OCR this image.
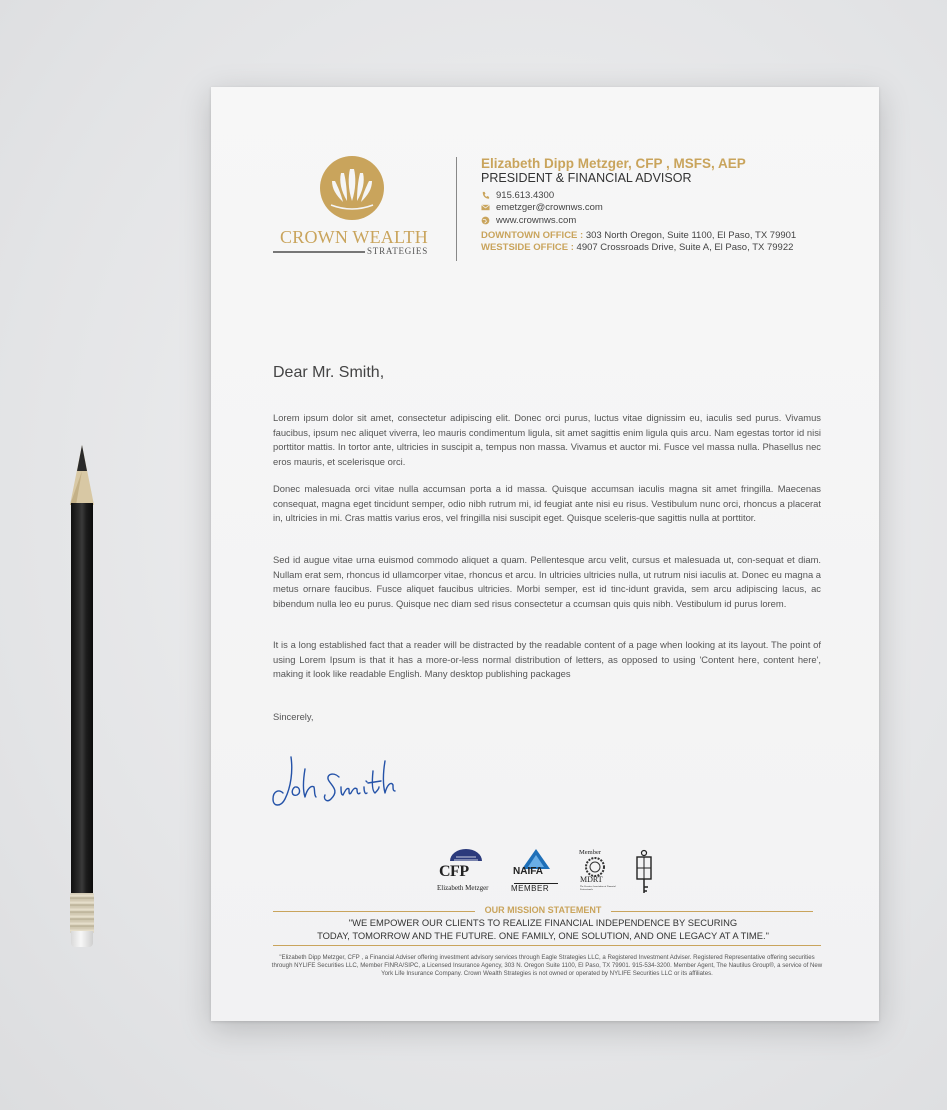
CROWN WEALTH
STRATEGIES
Elizabeth Dipp Metzger, CFP , MSFS, AEP
PRESIDENT & FINANCIAL ADVISOR
915.613.4300
emetzger@crownws.com
www.crownws.com
DOWNTOWN OFFICE : 303 North Oregon, Suite 1100, El Paso, TX 79901
WESTSIDE OFFICE : 4907 Crossroads Drive, Suite A, El Paso, TX 79922
Dear Mr. Smith,
Lorem ipsum dolor sit amet, consectetur adipiscing elit. Donec orci purus, luctus vitae dignissim eu, iaculis sed purus. Vivamus faucibus, ipsum nec aliquet viverra, leo mauris condimentum ligula, sit amet sagittis enim ligula quis arcu. Nam egestas tortor id nisi porttitor mattis. In tortor ante, ultricies in suscipit a, tempus non massa. Vivamus et auctor mi. Fusce vel massa nulla. Phasellus nec eros mauris, et scelerisque orci.
Donec malesuada orci vitae nulla accumsan porta a id massa. Quisque accumsan iaculis magna sit amet fringilla. Maecenas consequat, magna eget tincidunt semper, odio nibh rutrum mi, id feugiat ante nisi eu risus. Vestibulum nunc orci, rhoncus a placerat in, ultricies in mi. Cras mattis varius eros, vel fringilla nisi suscipit eget. Quisque sceleris-que sagittis nulla at porttitor.
Sed id augue vitae urna euismod commodo aliquet a quam. Pellentesque arcu velit, cursus et malesuada ut, con-sequat et diam. Nullam erat sem, rhoncus id ullamcorper vitae, rhoncus et arcu. In ultricies ultricies nulla, ut rutrum nisi iaculis at. Donec eu magna a metus ornare faucibus. Fusce aliquet faucibus ultricies. Morbi semper, est id tinc-idunt gravida, sem arcu adipiscing lacus, ac bibendum nulla leo eu purus. Quisque nec diam sed risus consectetur a ccumsan quis quis nibh. Vestibulum id purus lorem.
It is a long established fact that a reader will be distracted by the readable content of a page when looking at its layout. The point of using Lorem Ipsum is that it has a more-or-less normal distribution of letters, as opposed to using 'Content here, content here', making it look like readable English. Many desktop publishing packages
Sincerely,
CFP
Elizabeth Metzger
NAIFA
MEMBER
Member
MDRT
The Premier Association of Financial Professionals
OUR MISSION STATEMENT
"WE EMPOWER OUR CLIENTS TO REALIZE FINANCIAL INDEPENDENCE BY SECURING
TODAY, TOMORROW AND THE FUTURE. ONE FAMILY, ONE SOLUTION, AND ONE LEGACY AT A TIME."
"Elizabeth Dipp Metzger, CFP , a Financial Adviser offering investment advisory services through Eagle Strategies LLC, a Registered Investment Adviser. Registered Representative offering securities through NYLIFE Securities LLC, Member FINRA/SIPC, a Licensed Insurance Agency, 303 N. Oregon Suite 1100, El Paso, TX 79901. 915-534-3200. Member Agent, The Nautilus Group®, a service of New York Life Insurance Company. Crown Wealth Strategies is not owned or operated by NYLIFE Securities LLC or its affiliates.
